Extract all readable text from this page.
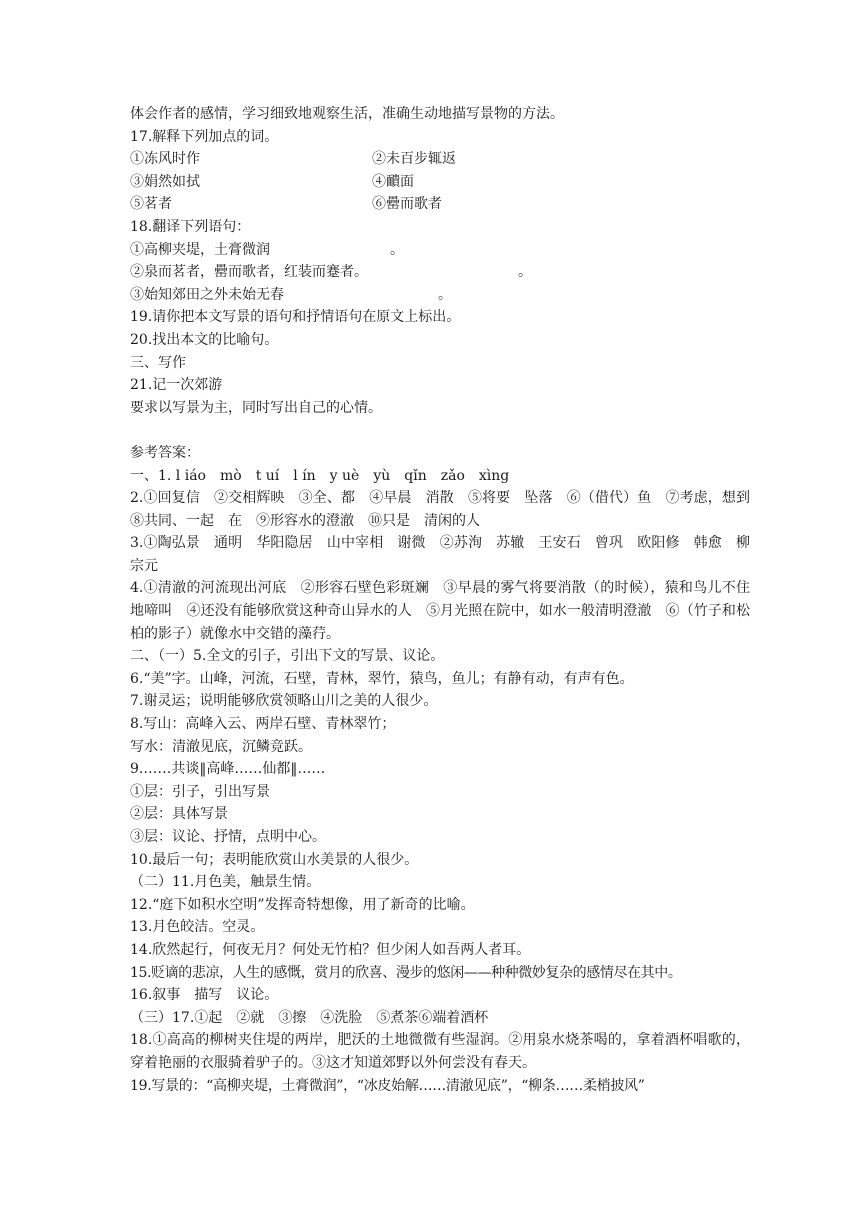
体会作者的感情，学习细致地观察生活，准确生动地描写景物的方法。
17.解释下列加点的词。
①冻风时作	②未百步辄返
③娟然如拭	④靧面
⑤茗者	⑥罍而歌者
18.翻译下列语句：
①高柳夹堤，土膏微润	。
②泉而茗者，罍而歌者，红装而蹇者。	。
③始知郊田之外未始无春	。
19.请你把本文写景的语句和抒情语句在原文上标出。
20.找出本文的比喻句。
三、写作
21.记一次郊游
要求以写景为主，同时写出自己的心情。
参考答案：
一、1. l iáo　mò　t uí　l ín　y uè　yù　qǐn　zǎo　xìng
2.①回复信　②交相辉映　③全、都　④早晨　消散　⑤将要　坠落　⑥（借代）鱼　⑦考虑，想到　⑧共同、一起　在　⑨形容水的澄澈　⑩只是　清闲的人
3.①陶弘景　通明　华阳隐居　山中宰相　谢微　②苏洵　苏辙　王安石　曾巩　欧阳修　韩愈　柳宗元
4.①清澈的河流现出河底　②形容石壁色彩斑斓　③早晨的雾气将要消散（的时候），猿和鸟儿不住地啼叫　④还没有能够欣赏这种奇山异水的人　⑤月光照在院中，如水一般清明澄澈　⑥（竹子和松柏的影子）就像水中交错的藻荇。
二、（一）5.全文的引子，引出下文的写景、议论。
6.“美”字。山峰，河流，石壁，青林，翠竹，猿鸟，鱼儿；有静有动，有声有色。
7.谢灵运；说明能够欣赏领略山川之美的人很少。
8.写山：高峰入云、两岸石壁、青林翠竹；
写水：清澈见底，沉鳞竞跃。
9.……共谈‖高峰……仙都‖……
①层：引子，引出写景
②层：具体写景
③层：议论、抒情，点明中心。
10.最后一句；表明能欣赏山水美景的人很少。
（二）11.月色美，触景生情。
12.“庭下如积水空明”发挥奇特想像，用了新奇的比喻。
13.月色皎洁。空灵。
14.欣然起行，何夜无月？何处无竹柏？但少闲人如吾两人者耳。
15.贬谪的悲凉，人生的感慨，赏月的欣喜、漫步的悠闲——种种微妙复杂的感情尽在其中。
16.叙事　描写　议论。
（三）17.①起　②就　③擦　④洗脸　⑤煮茶⑥端着酒杯
18.①高高的柳树夹住堤的两岸，肥沃的土地微微有些湿润。②用泉水烧茶喝的，拿着酒杯唱歌的，穿着艳丽的衣服骑着驴子的。③这才知道郊野以外何尝没有春天。
19.写景的：“高柳夹堤，土膏微润”，“冰皮始解……清澈见底”，“柳条……柔梢披风”
